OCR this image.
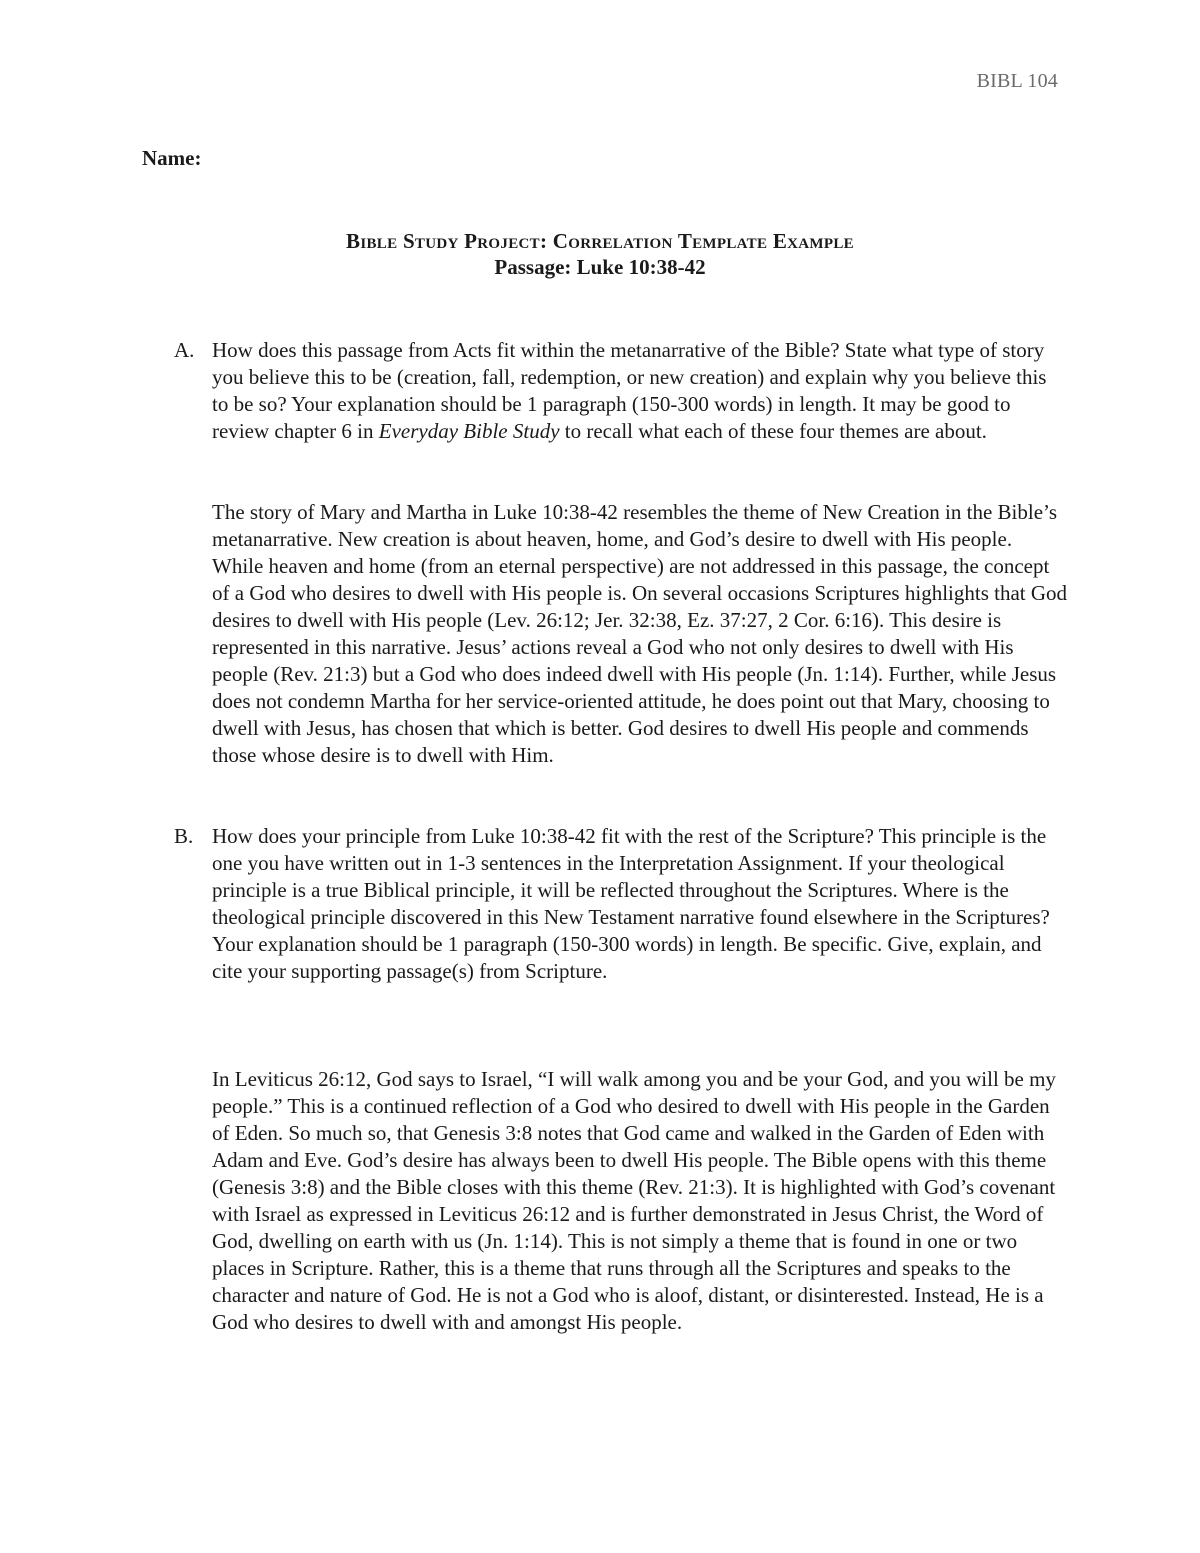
BIBL 104
Name:
Bible Study Project: Correlation Template Example
Passage: Luke 10:38-42
A. How does this passage from Acts fit within the metanarrative of the Bible? State what type of story you believe this to be (creation, fall, redemption, or new creation) and explain why you believe this to be so? Your explanation should be 1 paragraph (150-300 words) in length. It may be good to review chapter 6 in Everyday Bible Study to recall what each of these four themes are about.
The story of Mary and Martha in Luke 10:38-42 resembles the theme of New Creation in the Bible’s metanarrative. New creation is about heaven, home, and God’s desire to dwell with His people. While heaven and home (from an eternal perspective) are not addressed in this passage, the concept of a God who desires to dwell with His people is. On several occasions Scriptures highlights that God desires to dwell with His people (Lev. 26:12; Jer. 32:38, Ez. 37:27, 2 Cor. 6:16). This desire is represented in this narrative. Jesus’ actions reveal a God who not only desires to dwell with His people (Rev. 21:3) but a God who does indeed dwell with His people (Jn. 1:14). Further, while Jesus does not condemn Martha for her service-oriented attitude, he does point out that Mary, choosing to dwell with Jesus, has chosen that which is better. God desires to dwell His people and commends those whose desire is to dwell with Him.
B. How does your principle from Luke 10:38-42 fit with the rest of the Scripture? This principle is the one you have written out in 1-3 sentences in the Interpretation Assignment. If your theological principle is a true Biblical principle, it will be reflected throughout the Scriptures. Where is the theological principle discovered in this New Testament narrative found elsewhere in the Scriptures? Your explanation should be 1 paragraph (150-300 words) in length. Be specific. Give, explain, and cite your supporting passage(s) from Scripture.
In Leviticus 26:12, God says to Israel, “I will walk among you and be your God, and you will be my people.” This is a continued reflection of a God who desired to dwell with His people in the Garden of Eden. So much so, that Genesis 3:8 notes that God came and walked in the Garden of Eden with Adam and Eve. God’s desire has always been to dwell His people. The Bible opens with this theme (Genesis 3:8) and the Bible closes with this theme (Rev. 21:3). It is highlighted with God’s covenant with Israel as expressed in Leviticus 26:12 and is further demonstrated in Jesus Christ, the Word of God, dwelling on earth with us (Jn. 1:14). This is not simply a theme that is found in one or two places in Scripture. Rather, this is a theme that runs through all the Scriptures and speaks to the character and nature of God. He is not a God who is aloof, distant, or disinterested. Instead, He is a God who desires to dwell with and amongst His people.
